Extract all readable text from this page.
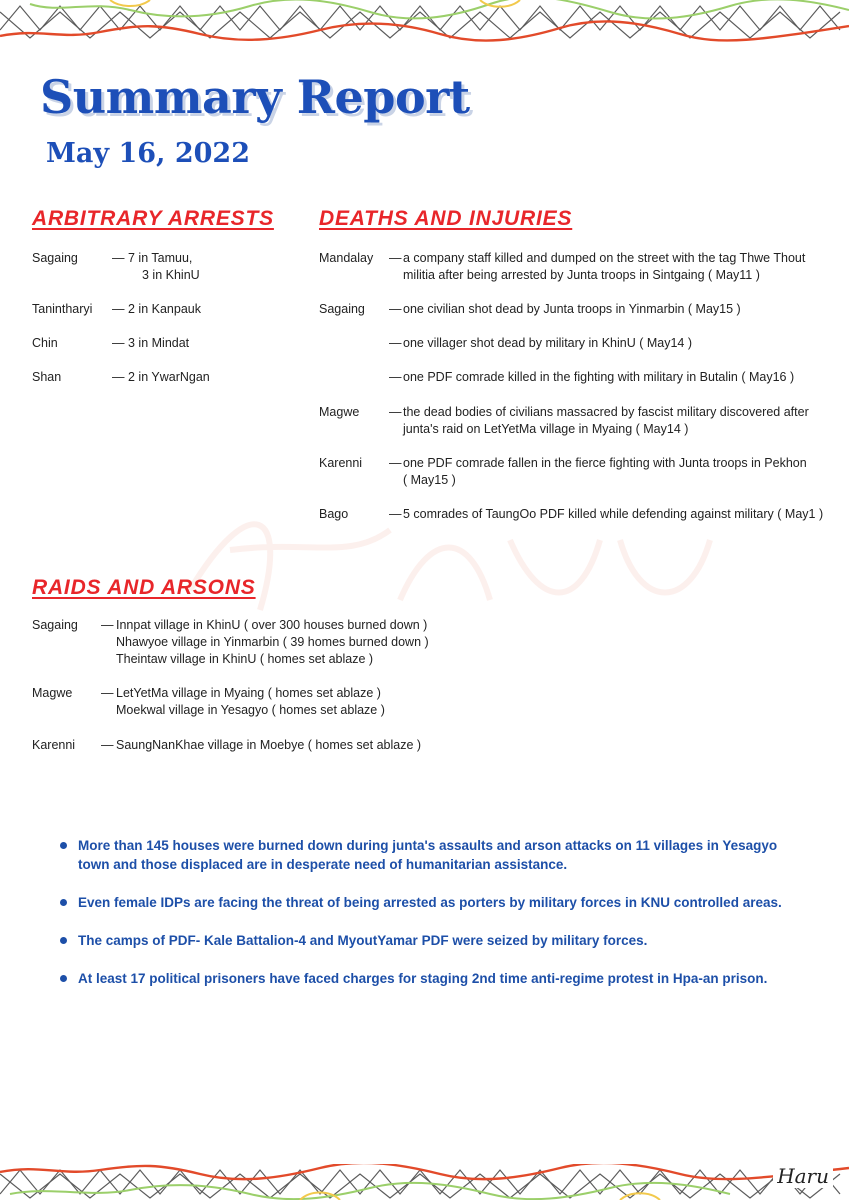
Summary Report
May 16, 2022
ARBITRARY ARRESTS
Sagaing	— 7 in Tamuu,
3 in KhinU
Tanintharyi — 2 in Kanpauk
Chin	— 3 in Mindat
Shan	— 2 in YwarNgan
DEATHS AND INJURIES
Mandalay — a company staff killed and dumped on the street with the tag Thwe Thout
militia after being arrested by Junta troops in Sintgaing ( May11 )
Sagaing — one civilian shot dead by Junta troops in Yinmarbin ( May15 )
— one villager shot dead by military in KhinU ( May14 )
— one PDF comrade killed in the fighting with military in Butalin ( May16 )
Magwe — the dead bodies of civilians massacred by fascist military discovered after
junta's raid on LetYetMa village in Myaing ( May14 )
Karenni — one PDF comrade fallen in the fierce fighting with Junta troops in Pekhon
( May15 )
Bago	— 5 comrades of TaungOo PDF killed while defending against military ( May1 )
RAIDS AND ARSONS
Sagaing — Innpat village in KhinU ( over 300 houses burned down )
Nhawyoe village in Yinmarbin ( 39 homes burned down )
Theintaw village in KhinU ( homes set ablaze )
Magwe — LetYetMa village in Myaing ( homes set ablaze )
Moekwal village in Yesagyo ( homes set ablaze )
Karenni — SaungNanKhae village in Moebye ( homes set ablaze )
More than 145 houses were burned down during junta's assaults and arson attacks on 11 villages in Yesagyo town and those displaced are in desperate need of humanitarian assistance.
Even female IDPs are facing the threat of being arrested as porters by military forces in KNU controlled areas.
The camps of PDF- Kale Battalion-4 and MyoutYamar PDF were seized by military forces.
At least 17 political prisoners have faced charges for staging 2nd time anti-regime protest in Hpa-an prison.
Haru
